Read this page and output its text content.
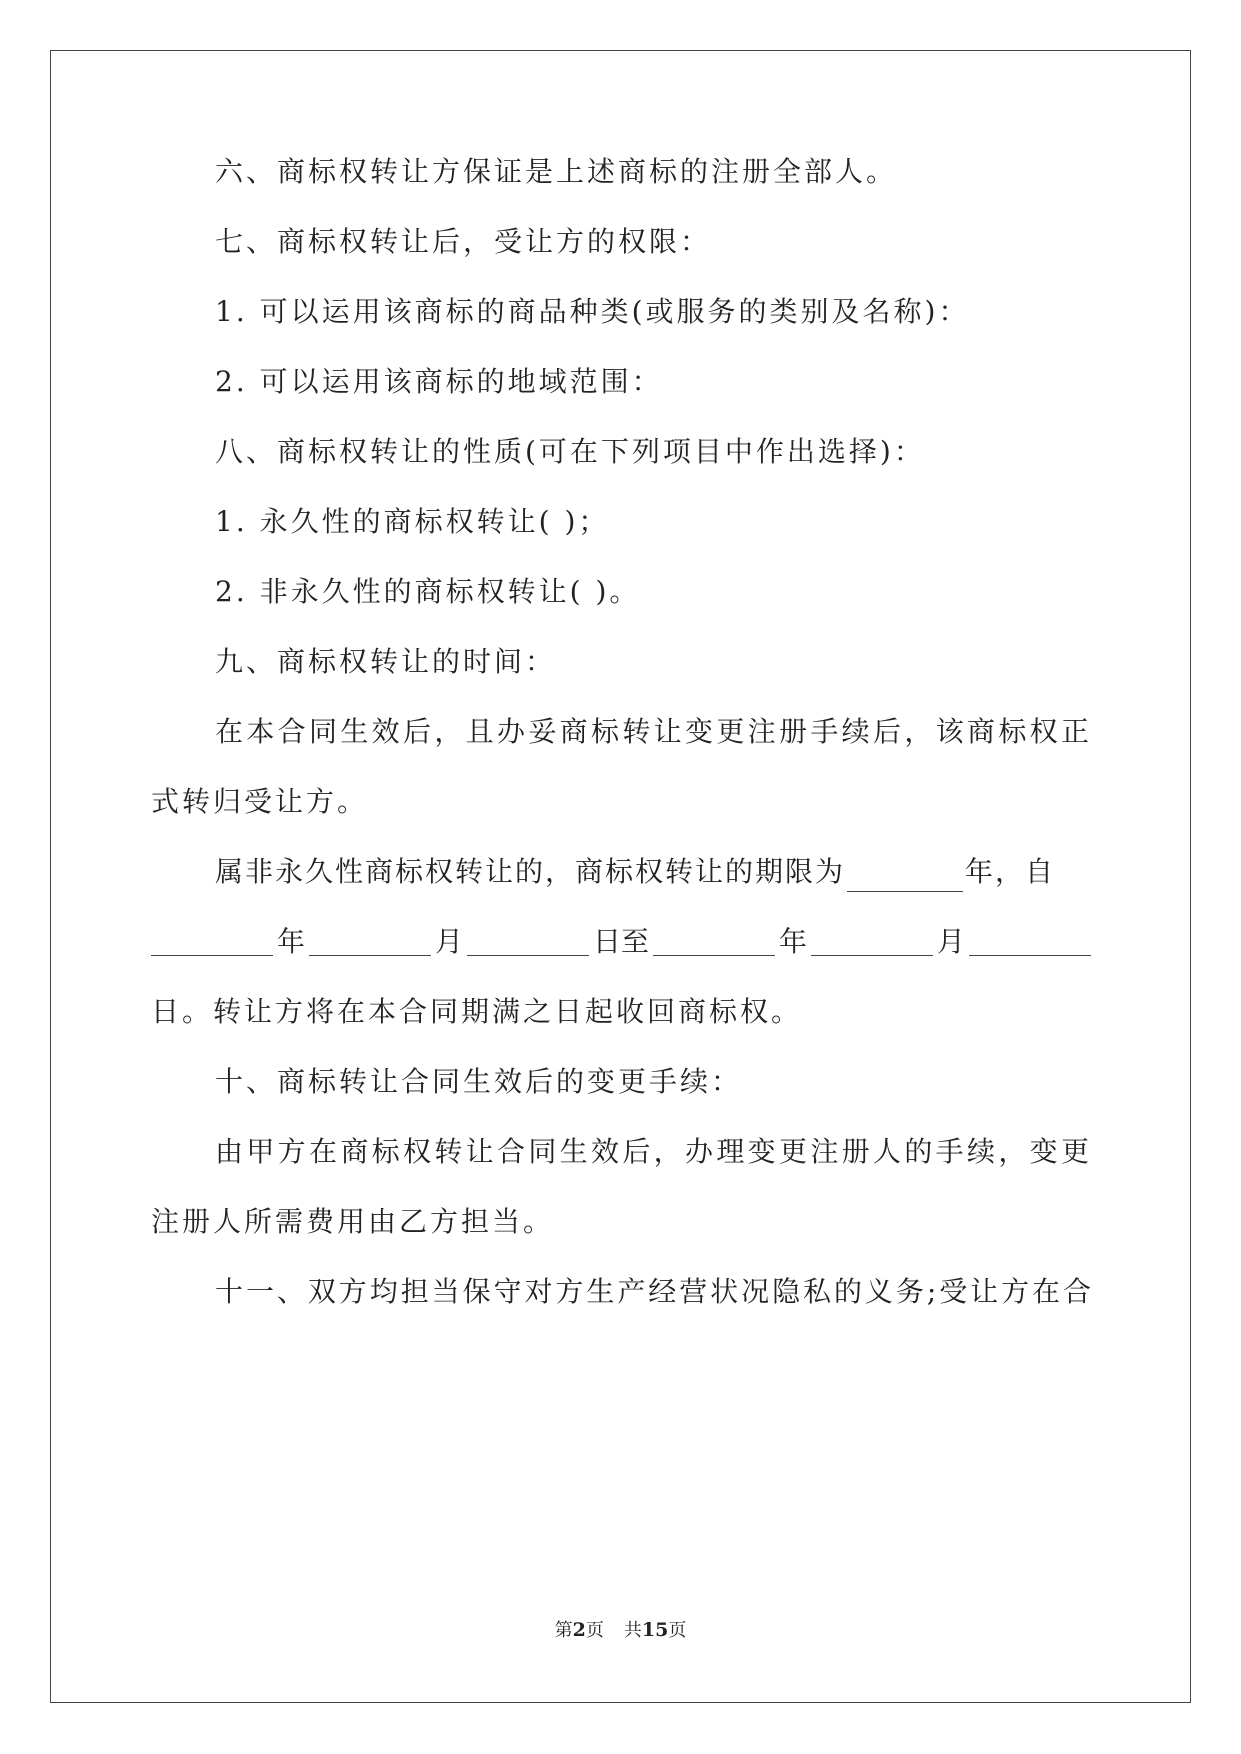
六、商标权转让方保证是上述商标的注册全部人。
七、商标权转让后，受让方的权限：
1. 可以运用该商标的商品种类(或服务的类别及名称)：
2. 可以运用该商标的地域范围：
八、商标权转让的性质(可在下列项目中作出选择)：
1. 永久性的商标权转让( )；
2. 非永久性的商标权转让( )。
九、商标权转让的时间：
在本合同生效后，且办妥商标转让变更注册手续后，该商标权正
式转归受让方。
属非永久性商标权转让的，商标权转让的期限为	年，自
年	月	日至	年	月
日。转让方将在本合同期满之日起收回商标权。
十、商标转让合同生效后的变更手续：
由甲方在商标权转让合同生效后，办理变更注册人的手续，变更
注册人所需费用由乙方担当。
十一、双方均担当保守对方生产经营状况隐私的义务;受让方在合
第2页 共15页
